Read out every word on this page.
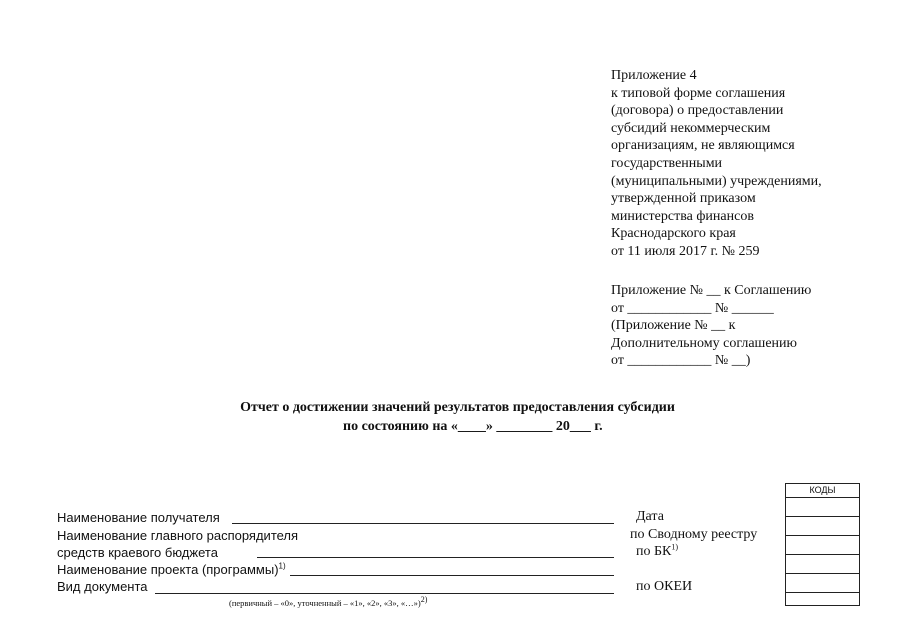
Приложение 4
к типовой форме соглашения
(договора) о предоставлении
субсидий некоммерческим
организациям, не являющимся
государственными
(муниципальными) учреждениями,
утвержденной приказом
министерства финансов
Краснодарского края
от 11 июля 2017 г. № 259
Приложение № __ к Соглашению
от ____________ № ______
(Приложение № __ к
Дополнительному соглашению
от ____________ № __)
Отчет о достижении значений результатов предоставления субсидии
по состоянию на «____» ________ 20___ г.
Наименование получателя
Наименование главного распорядителя
средств краевого бюджета
Наименование проекта (программы)$^{1)}$
Вид документа
(первичный – «0», уточненный – «1», «2», «3», «…»)$^{2)}$
Дата
по Сводному реестру
по БК$^{1)}$
по ОКЕИ
КОДЫ
